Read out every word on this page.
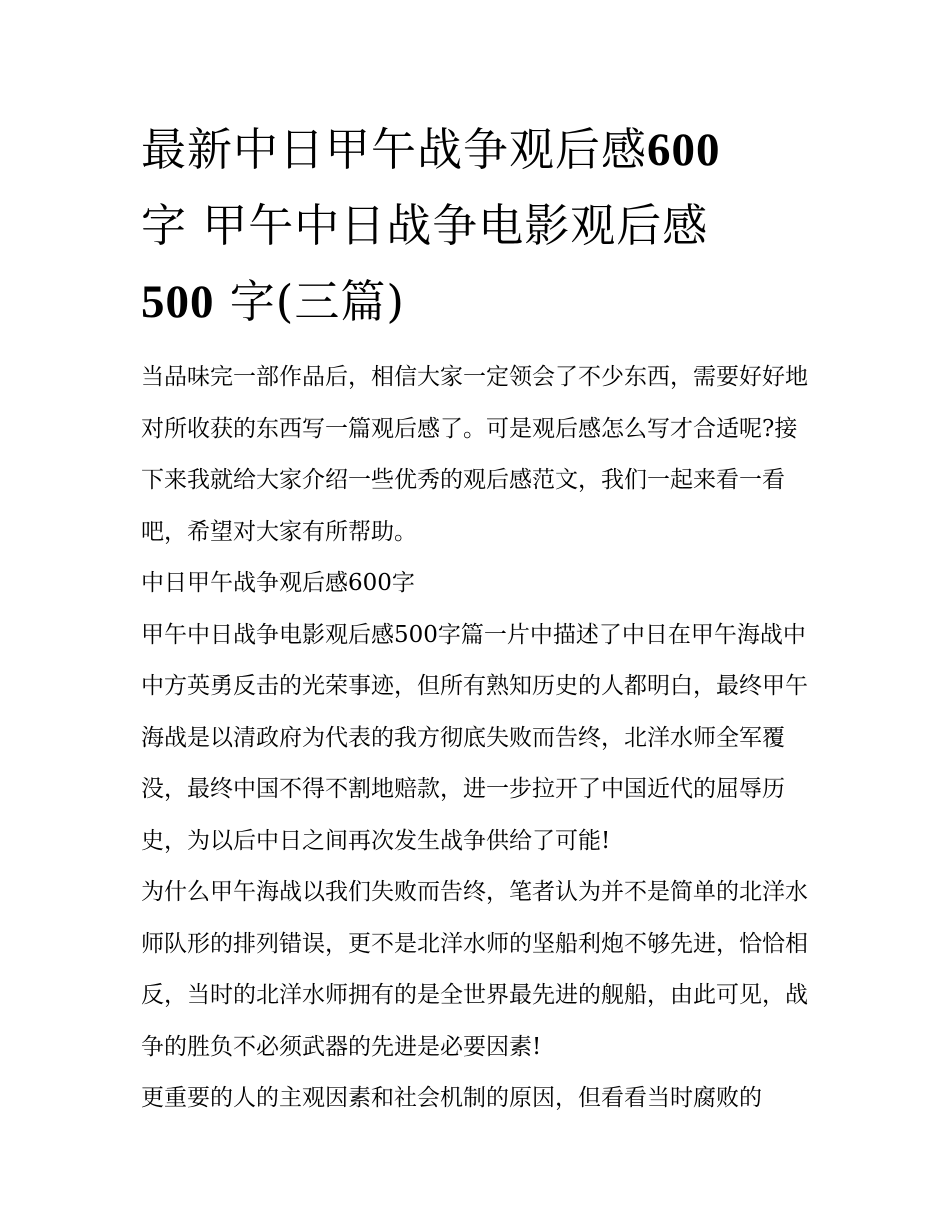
最新中日甲午战争观后感600
字 甲午中日战争电影观后感
500 字(三篇)

当品味完一部作品后，相信大家一定领会了不少东西，需要好好地对所收获的东西写一篇观后感了。可是观后感怎么写才合适呢?接下来我就给大家介绍一些优秀的观后感范文，我们一起来看一看吧，希望对大家有所帮助。

中日甲午战争观后感600字

甲午中日战争电影观后感500字篇一片中描述了中日在甲午海战中中方英勇反击的光荣事迹，但所有熟知历史的人都明白，最终甲午海战是以清政府为代表的我方彻底失败而告终，北洋水师全军覆没，最终中国不得不割地赔款，进一步拉开了中国近代的屈辱历史，为以后中日之间再次发生战争供给了可能!

为什么甲午海战以我们失败而告终，笔者认为并不是简单的北洋水师队形的排列错误，更不是北洋水师的坚船利炮不够先进，恰恰相反，当时的北洋水师拥有的是全世界最先进的舰船，由此可见，战争的胜负不必须武器的先进是必要因素!

更重要的人的主观因素和社会机制的原因，但看看当时腐败的
